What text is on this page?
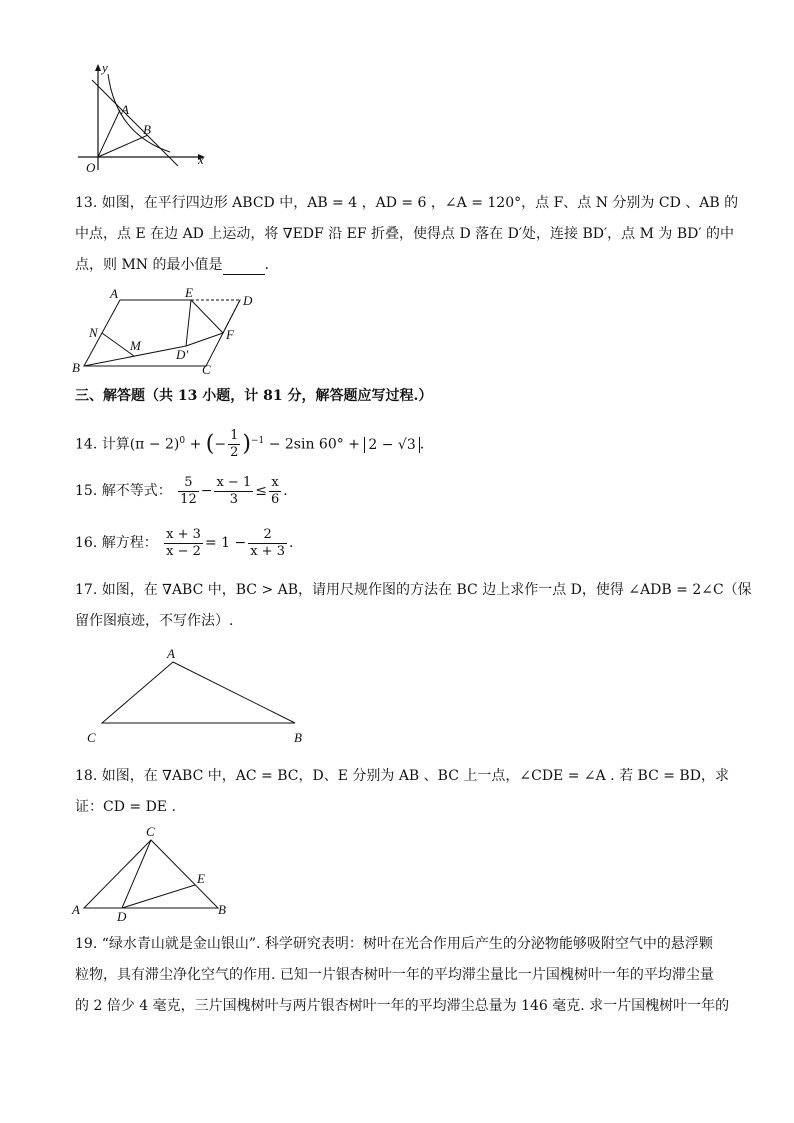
y
x
O
A
B
13. 如图，在平行四边形 ABCD 中，AB = 4 ，AD = 6 ，∠A = 120°，点 F、点 N 分别为 CD 、AB 的
中点，点 E 在边 AD 上运动，将 ∇EDF 沿 EF 折叠，使得点 D 落在 D′处，连接 BD′，点 M 为 BD′ 的中
点，则 MN 的最小值是	.
A	E
D
N
M
F
D′
B	C
三、解答题（共 13 小题，计 81 分，解答题应写过程.）
14. 计算$(\pi - 2)^0$ + (− $\frac{1}{2} )^{-1} - 2\sin$ 60° + 2 − √3 .
15. 解不等式： $\frac{5}{12} - \frac{x - 1}{3} \le \frac{x}{6}$ .
16. 解方程： $\frac{x + 3}{x - 2} = 1 - \frac{2}{x + 3}$ .
17. 如图，在 ∇ABC 中，BC > AB，请用尺规作图的方法在 BC 边上求作一点 D，使得 ∠ADB = 2∠C（保
留作图痕迹，不写作法）.
A
C	B
18. 如图，在 ∇ABC 中，AC = BC，D、E 分别为 AB 、BC 上一点，∠CDE = ∠A . 若 BC = BD，求
证：CD = DE .
C
E
A	D	B
19. “绿水青山就是金山银山”. 科学研究表明：树叶在光合作用后产生的分泌物能够吸附空气中的悬浮颗
粒物，具有滞尘净化空气的作用. 已知一片银杏树叶一年的平均滞尘量比一片国槐树叶一年的平均滞尘量
的 2 倍少 4 毫克，三片国槐树叶与两片银杏树叶一年的平均滞尘总量为 146 毫克. 求一片国槐树叶一年的
